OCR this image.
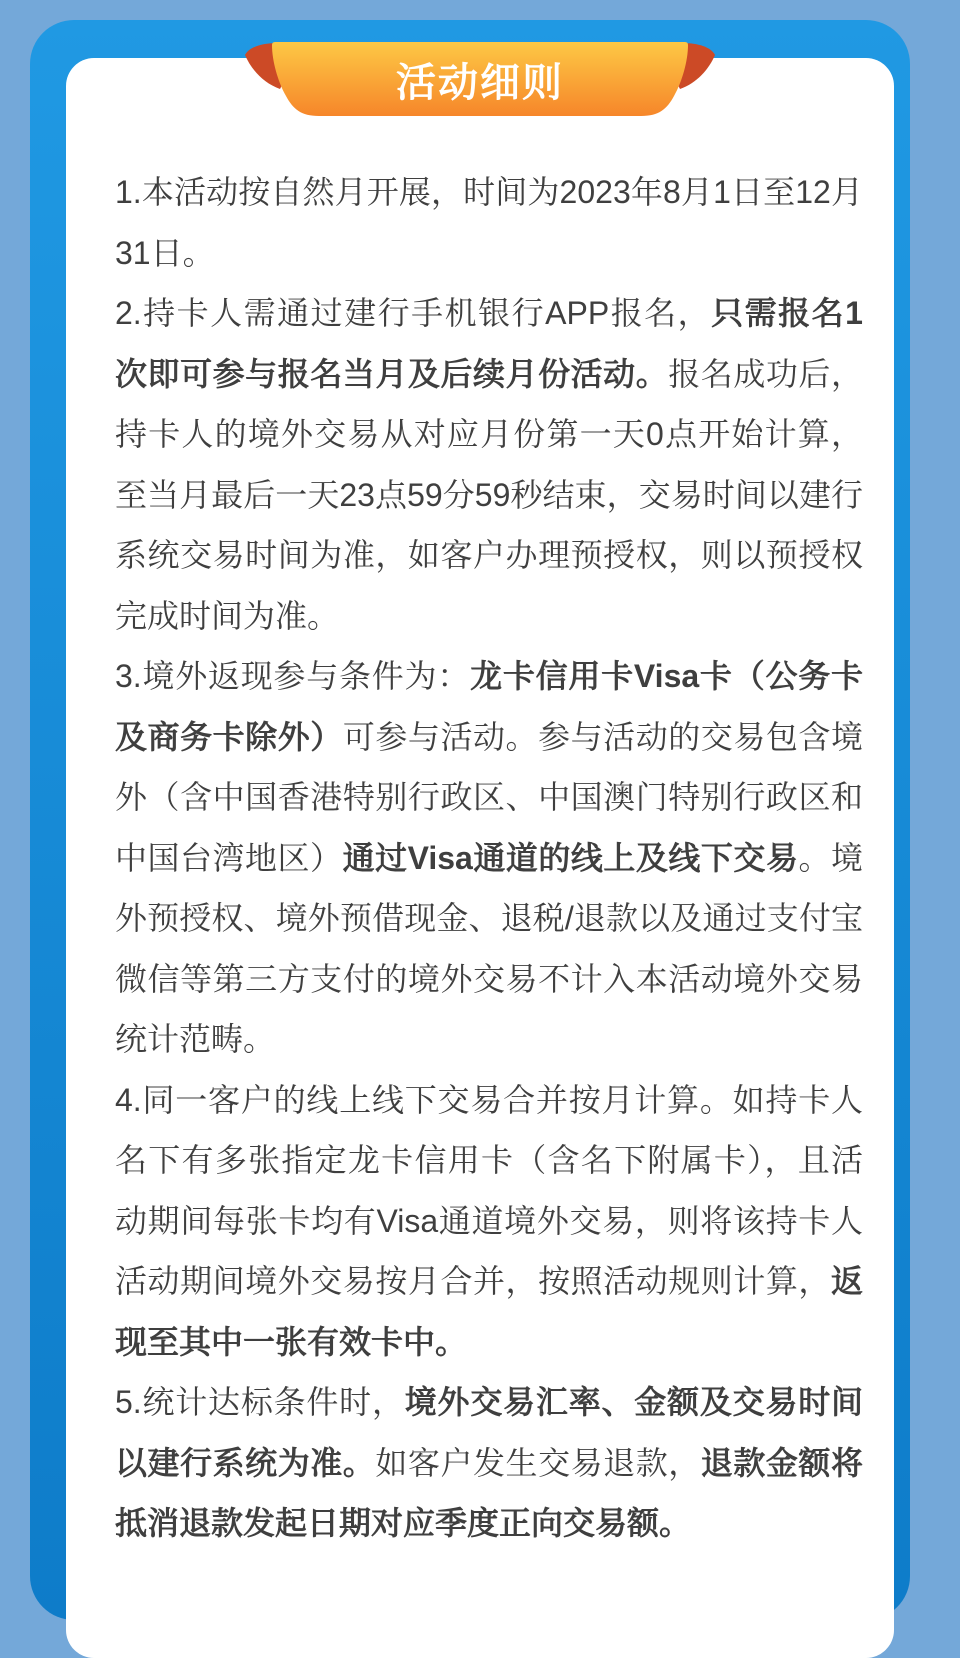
1.本活动按自然月开展，时间为2023年8月1日至12月31日。

2.持卡人需通过建行手机银行APP报名，只需报名1次即可参与报名当月及后续月份活动。报名成功后，持卡人的境外交易从对应月份第一天0点开始计算，至当月最后一天23点59分59秒结束，交易时间以建行系统交易时间为准，如客户办理预授权，则以预授权完成时间为准。

3.境外返现参与条件为：龙卡信用卡Visa卡（公务卡及商务卡除外）可参与活动。参与活动的交易包含境外（含中国香港特别行政区、中国澳门特别行政区和中国台湾地区）通过Visa通道的线上及线下交易。境外预授权、境外预借现金、退税/退款以及通过支付宝微信等第三方支付的境外交易不计入本活动境外交易统计范畴。

4.同一客户的线上线下交易合并按月计算。如持卡人名下有多张指定龙卡信用卡（含名下附属卡），且活动期间每张卡均有Visa通道境外交易，则将该持卡人活动期间境外交易按月合并，按照活动规则计算，返现至其中一张有效卡中。

5.统计达标条件时，境外交易汇率、金额及交易时间以建行系统为准。如客户发生交易退款，退款金额将抵消退款发起日期对应季度正向交易额。

活动细则
